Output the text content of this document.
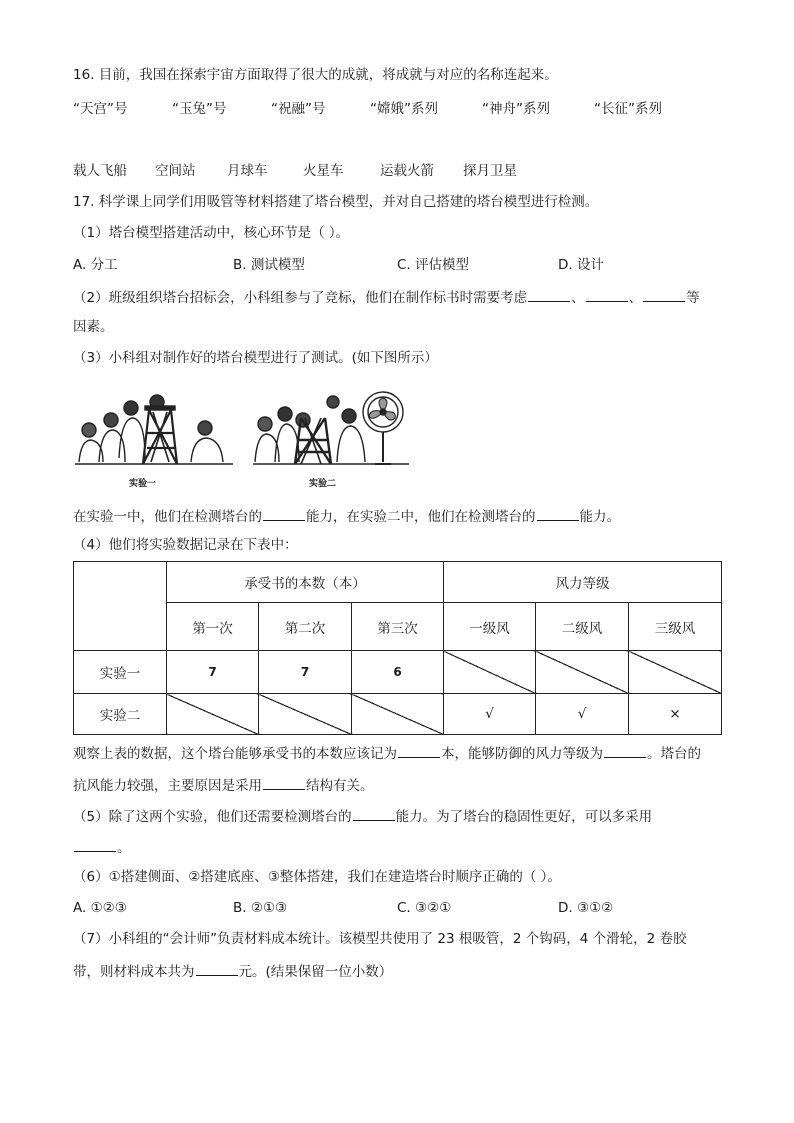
16. 目前，我国在探索宇宙方面取得了很大的成就，将成就与对应的名称连起来。
“天宫”号	“玉兔”号	“祝融”号	“嫦娥”系列	“神舟”系列	“长征”系列
载人飞船 空间站 月球车	火星车	运载火箭 探月卫星
17. 科学课上同学们用吸管等材料搭建了塔台模型，并对自己搭建的塔台模型进行检测。
（1）塔台模型搭建活动中，核心环节是（ ）。
A. 分工	B. 测试模型	C. 评估模型	D. 设计
（2）班级组织塔台招标会，小科组参与了竞标，他们在制作标书时需要考虑	、	、	等
因素。
（3）小科组对制作好的塔台模型进行了测试。(如下图所示）
实验一	实验二
在实验一中，他们在检测塔台的	能力，在实验二中，他们在检测塔台的	能力。
（4）他们将实验数据记录在下表中：
	承受书的本数（本）			风力等级		
	第一次	第二次	第三次	一级风	二级风	三级风
实验一	7	7	6			
实验二				√	√	×
观察上表的数据，这个塔台能够承受书的本数应该记为	本，能够防御的风力等级为	。塔台的
抗风能力较强，主要原因是采用	结构有关。
（5）除了这两个实验，他们还需要检测塔台的	能力。为了塔台的稳固性更好，可以多采用
。
（6）①搭建侧面、②搭建底座、③整体搭建，我们在建造塔台时顺序正确的（ ）。
A. ①②③	B. ②①③	C. ③②①	D. ③①②
（7）小科组的“会计师”负责材料成本统计。该模型共使用了 23 根吸管，2 个钩码，4 个滑轮，2 卷胶
带，则材料成本共为	元。(结果保留一位小数）
